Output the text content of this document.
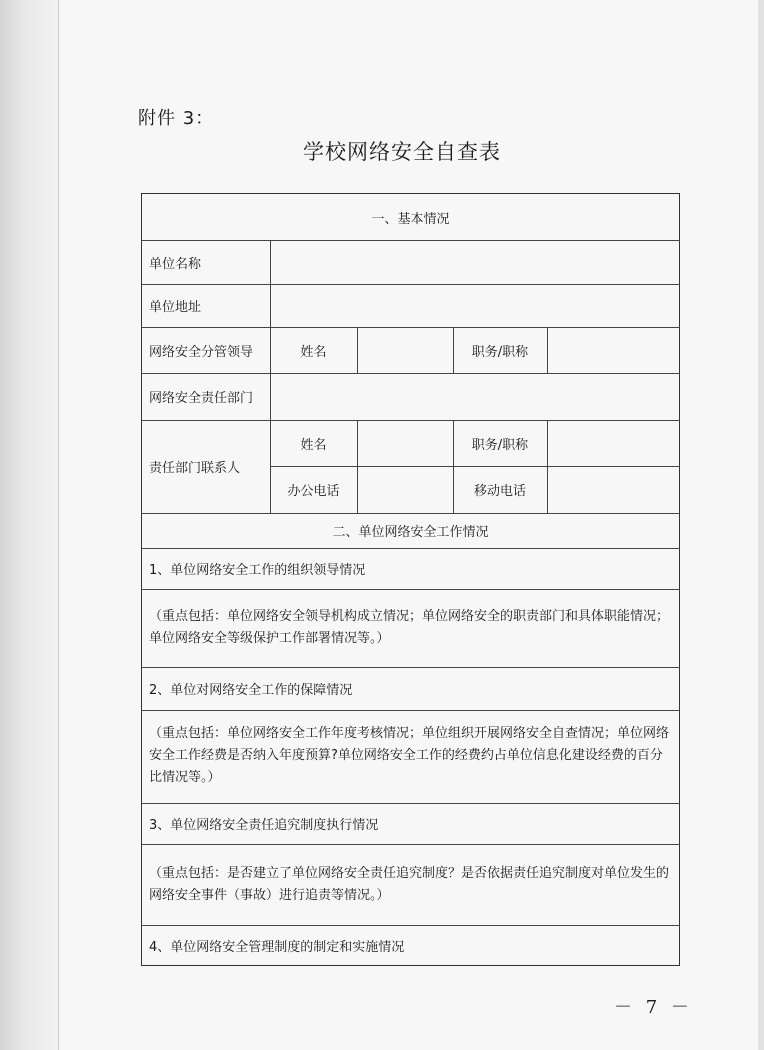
附件 3：
学校网络安全自查表
一、基本情况
单位名称
单位地址
网络安全分管领导	姓名	职务/职称
网络安全责任部门
责任部门联系人
姓名	职务/职称
办公电话	移动电话
二、单位网络安全工作情况
1、单位网络安全工作的组织领导情况
（重点包括：单位网络安全领导机构成立情况；单位网络安全的职责部门和具体职能情况；
单位网络安全等级保护工作部署情况等。）
2、单位对网络安全工作的保障情况
（重点包括：单位网络安全工作年度考核情况；单位组织开展网络安全自查情况；单位网络
安全工作经费是否纳入年度预算?单位网络安全工作的经费约占单位信息化建设经费的百分
比情况等。）
3、单位网络安全责任追究制度执行情况
（重点包括：是否建立了单位网络安全责任追究制度？是否依据责任追究制度对单位发生的
网络安全事件（事故）进行追责等情况。）
4、单位网络安全管理制度的制定和实施情况
－ 7 －
